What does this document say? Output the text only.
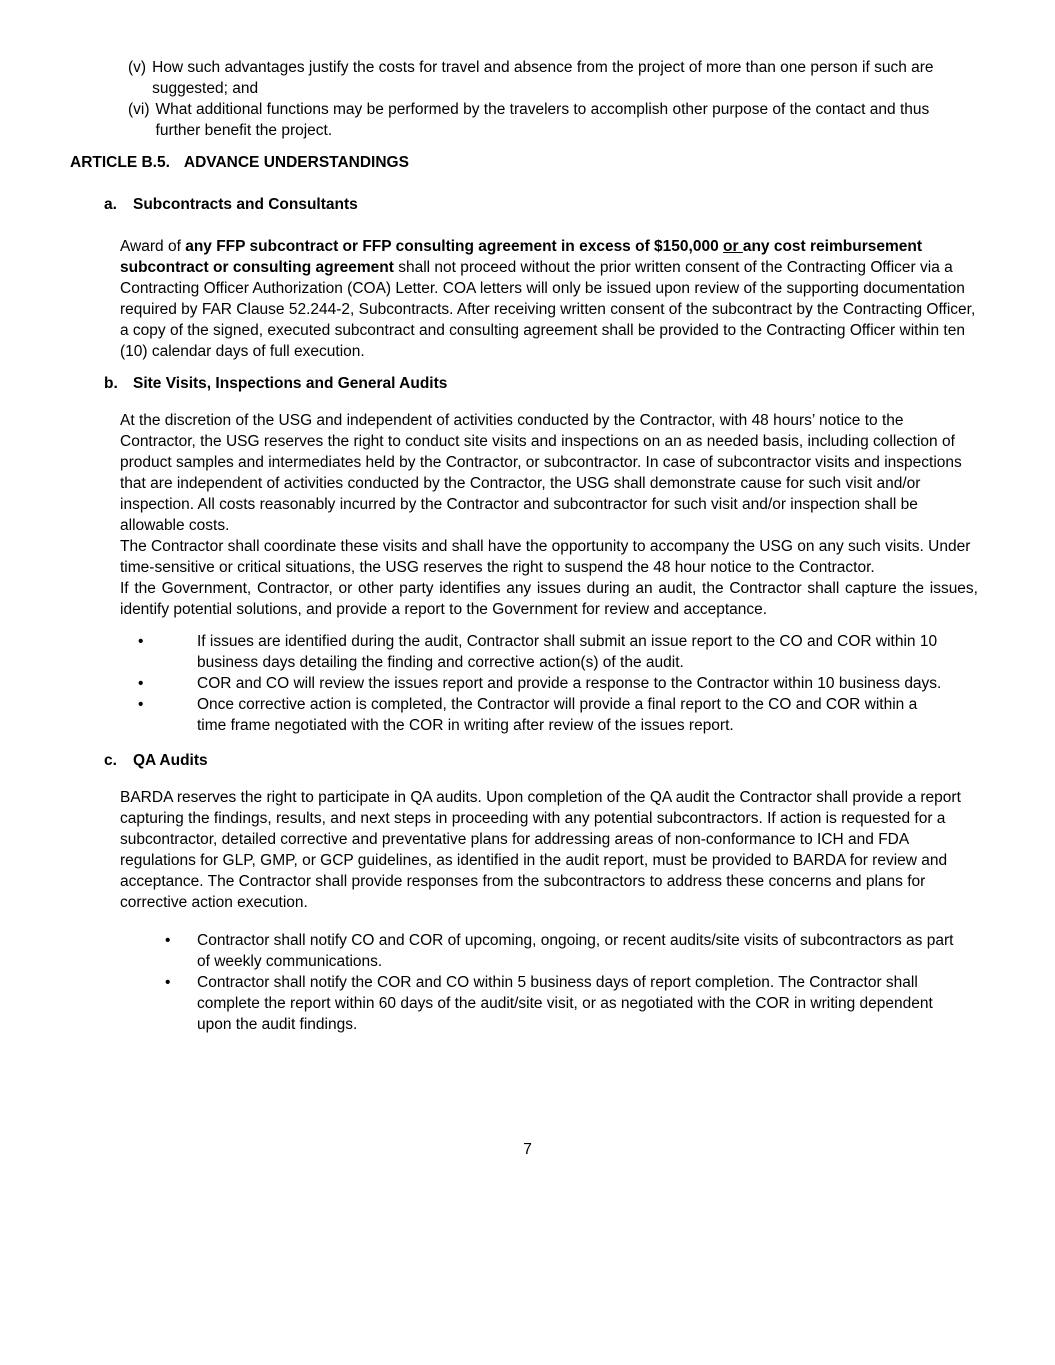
(v) How such advantages justify the costs for travel and absence from the project of more than one person if such are suggested; and
(vi) What additional functions may be performed by the travelers to accomplish other purpose of the contact and thus further benefit the project.
ARTICLE B.5. ADVANCE UNDERSTANDINGS
a.	Subcontracts and Consultants

Award of any FFP subcontract or FFP consulting agreement in excess of $150,000 or any cost reimbursement subcontract or consulting agreement shall not proceed without the prior written consent of the Contracting Officer via a Contracting Officer Authorization (COA) Letter. COA letters will only be issued upon review of the supporting documentation required by FAR Clause 52.244-2, Subcontracts. After receiving written consent of the subcontract by the Contracting Officer, a copy of the signed, executed subcontract and consulting agreement shall be provided to the Contracting Officer within ten (10) calendar days of full execution.

b. Site Visits, Inspections and General Audits

At the discretion of the USG and independent of activities conducted by the Contractor, with 48 hours’ notice to the Contractor, the USG reserves the right to conduct site visits and inspections on an as needed basis, including collection of product samples and intermediates held by the Contractor, or subcontractor. In case of subcontractor visits and inspections that are independent of activities conducted by the Contractor, the USG shall demonstrate cause for such visit and/or inspection. All costs reasonably incurred by the Contractor and subcontractor for such visit and/or inspection shall be allowable costs.

The Contractor shall coordinate these visits and shall have the opportunity to accompany the USG on any such visits. Under time-sensitive or critical situations, the USG reserves the right to suspend the 48 hour notice to the Contractor.

If the Government, Contractor, or other party identifies any issues during an audit, the Contractor shall capture the issues, identify potential solutions, and provide a report to the Government for review and acceptance.

•	If issues are identified during the audit, Contractor shall submit an issue report to the CO and COR within 10 business days detailing the finding and corrective action(s) of the audit.
•	COR and CO will review the issues report and provide a response to the Contractor within 10 business days.
•	Once corrective action is completed, the Contractor will provide a final report to the CO and COR within a time frame negotiated with the COR in writing after review of the issues report.
c.	QA Audits

BARDA reserves the right to participate in QA audits. Upon completion of the QA audit the Contractor shall provide a report capturing the findings, results, and next steps in proceeding with any potential subcontractors. If action is requested for a subcontractor, detailed corrective and preventative plans for addressing areas of non-conformance to ICH and FDA regulations for GLP, GMP, or GCP guidelines, as identified in the audit report, must be provided to BARDA for review and acceptance. The Contractor shall provide responses from the subcontractors to address these concerns and plans for corrective action execution.

•	Contractor shall notify CO and COR of upcoming, ongoing, or recent audits/site visits of subcontractors as part of weekly communications.
•	Contractor shall notify the COR and CO within 5 business days of report completion. The Contractor shall complete the report within 60 days of the audit/site visit, or as negotiated with the COR in writing dependent upon the audit findings.
7
